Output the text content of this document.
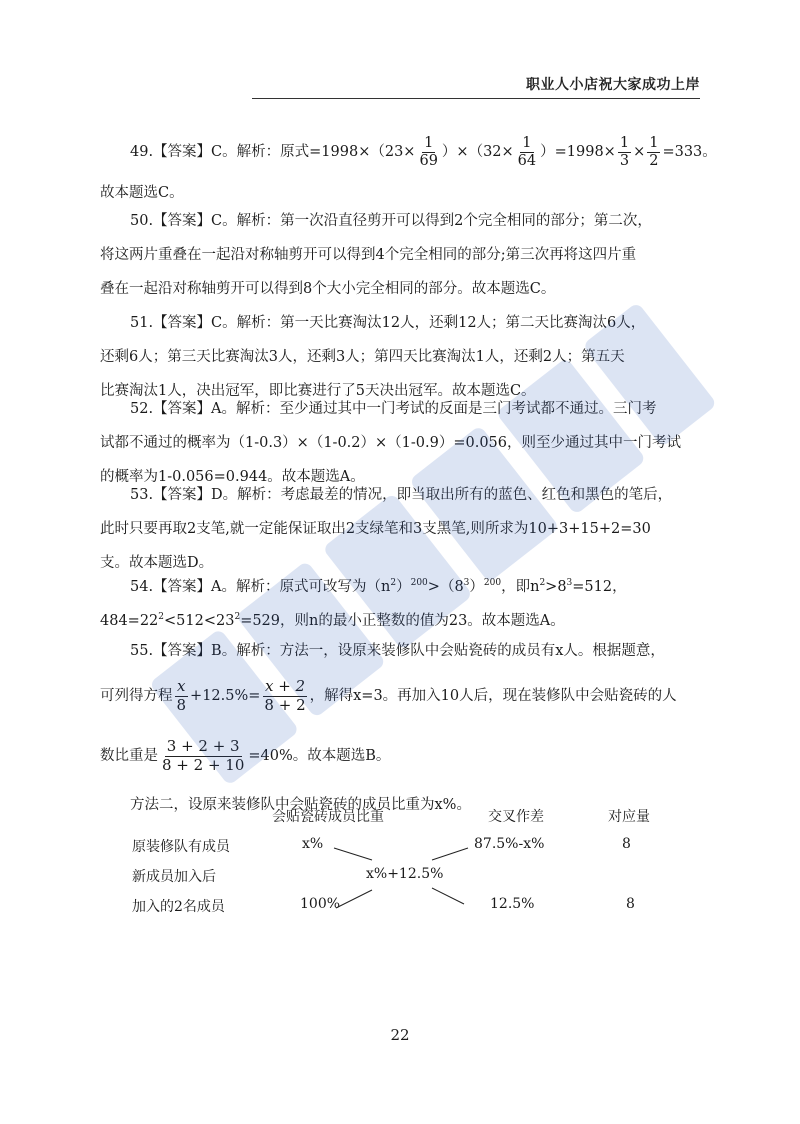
职业人小店祝大家成功上岸
49.【答案】C。解析：原式$=1998\times(23\times \frac{1}{69} )\times(32\times \frac{1}{64} )=1998\times \frac{1}{3} \times \frac{1}{2} =333$。
故本题选C。
50.【答案】C。解析：第一次沿直径剪开可以得到2个完全相同的部分；第二次，
将这两片重叠在一起沿对称轴剪开可以得到4个完全相同的部分;第三次再将这四片重
叠在一起沿对称轴剪开可以得到8个大小完全相同的部分。故本题选C。
51.【答案】C。解析：第一天比赛淘汰12人，还剩12人；第二天比赛淘汰6人，
还剩6人；第三天比赛淘汰3人，还剩3人；第四天比赛淘汰1人，还剩2人；第五天
比赛淘汰1人，决出冠军，即比赛进行了5天决出冠军。故本题选C。
52.【答案】A。解析：至少通过其中一门考试的反面是三门考试都不通过。三门考
试都不通过的概率为（1-0.3）×（1-0.2）×（1-0.9）=0.056，则至少通过其中一门考试
的概率为1-0.056=0.944。故本题选A。
53.【答案】D。解析：考虑最差的情况，即当取出所有的蓝色、红色和黑色的笔后，
此时只要再取2支笔,就一定能保证取出2支绿笔和3支黑笔,则所求为10+3+15+2=30
支。故本题选D。
54.【答案】A。解析：原式可改写为$(n^2)^{200}>(8^3)^{200}$，即$n^2>8^3=512$，
$484=22^2<512<23^2=529$，则n的最小正整数的值为23。故本题选A。
55.【答案】B。解析：方法一，设原来装修队中会贴瓷砖的成员有x人。根据题意，
可列得方程 $\frac{x}{8} +12.5\%= \frac{x + 2}{8 + 2}$ ，解得x=3。再加入10人后，现在装修队中会贴瓷砖的人
数比重是 $\frac{3 + 2 + 3}{8 + 2 + 10} =40\%$。故本题选B。
方法二，设原来装修队中会贴瓷砖的成员比重为x%。
会贴瓷砖成员比重	交叉作差	对应量
原装修队有成员	x%	87.5%-x%	8
新成员加入后	x%+12.5%
加入的2名成员	100%	12.5%	8
22
